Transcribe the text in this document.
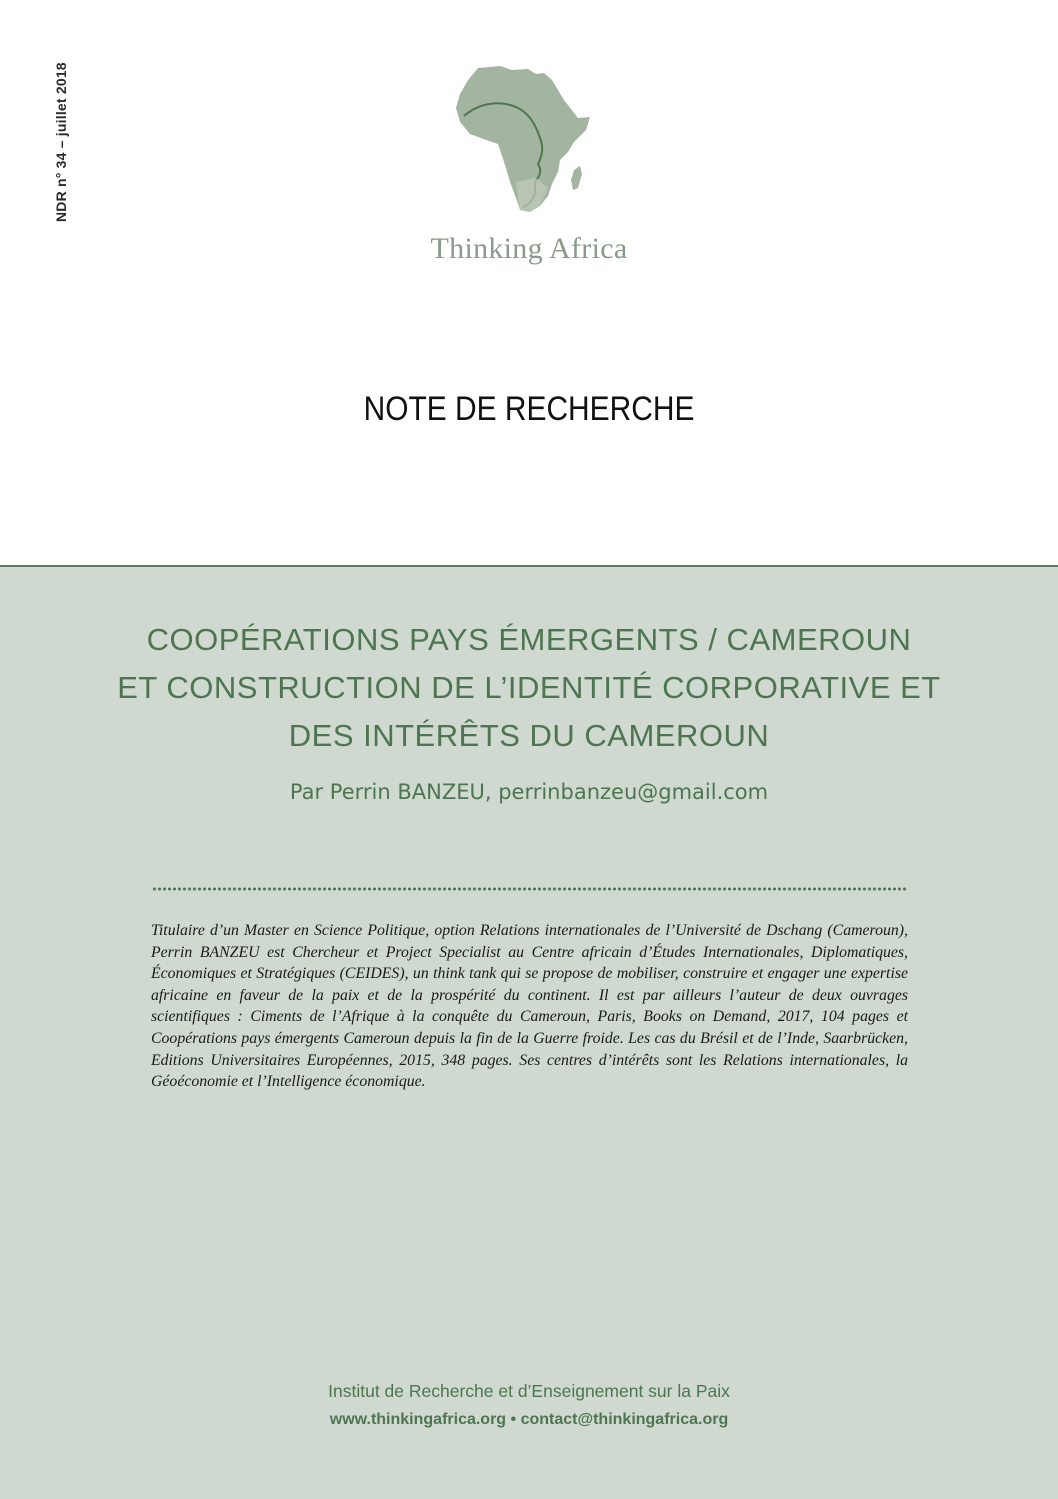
NDR n° 34 – juillet 2018
Thinking Africa
NOTE DE RECHERCHE
COOPÉRATIONS PAYS ÉMERGENTS / CAMEROUN
ET CONSTRUCTION DE L’IDENTITÉ CORPORATIVE ET
DES INTÉRÊTS DU CAMEROUN
Par Perrin BANZEU, perrinbanzeu@gmail.com
Titulaire d’un Master en Science Politique, option Relations internationales de l’Université de Dschang (Cameroun), Perrin BANZEU est Chercheur et Project Specialist au Centre africain d’Études Internationales, Diplomatiques, Économiques et Stratégiques (CEIDES), un think tank qui se propose de mobiliser, construire et engager une expertise africaine en faveur de la paix et de la prospérité du continent. Il est par ailleurs l’auteur de deux ouvrages scientifiques : Ciments de l’Afrique à la conquête du Cameroun, Paris, Books on Demand, 2017, 104 pages et Coopérations pays émergents Cameroun depuis la fin de la Guerre froide. Les cas du Brésil et de l’Inde, Saarbrücken, Editions Universitaires Européennes, 2015, 348 pages. Ses centres d’intérêts sont les Relations internationales, la Géoéconomie et l’Intelligence économique.
Institut de Recherche et d’Enseignement sur la Paix
www.thinkingafrica.org • contact@thinkingafrica.org
